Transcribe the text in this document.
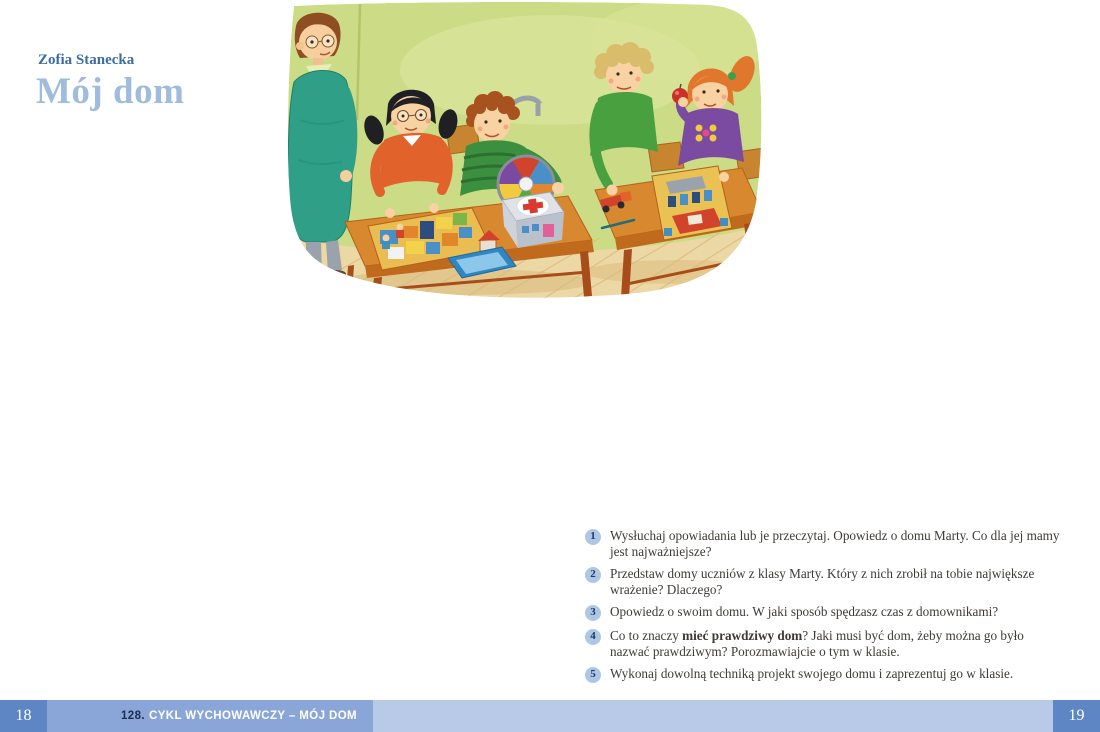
Zofia Stanecka
Mój dom
1	Wysłuchaj opowiadania lub je przeczytaj. Opowiedz o domu Marty. Co dla jej mamy jest najważniejsze?
2	Przedstaw domy uczniów z klasy Marty. Który z nich zrobił na tobie największe wrażenie? Dlaczego?
3	Opowiedz o swoim domu. W jaki sposób spędzasz czas z domownikami?
4	Co to znaczy mieć prawdziwy dom? Jaki musi być dom, żeby można go było nazwać prawdziwym? Porozmawiajcie o tym w klasie.
5	Wykonaj dowolną techniką projekt swojego domu i zaprezentuj go w klasie.
18	128. CYKL WYCHOWAWCZY – MÓJ DOM	19
